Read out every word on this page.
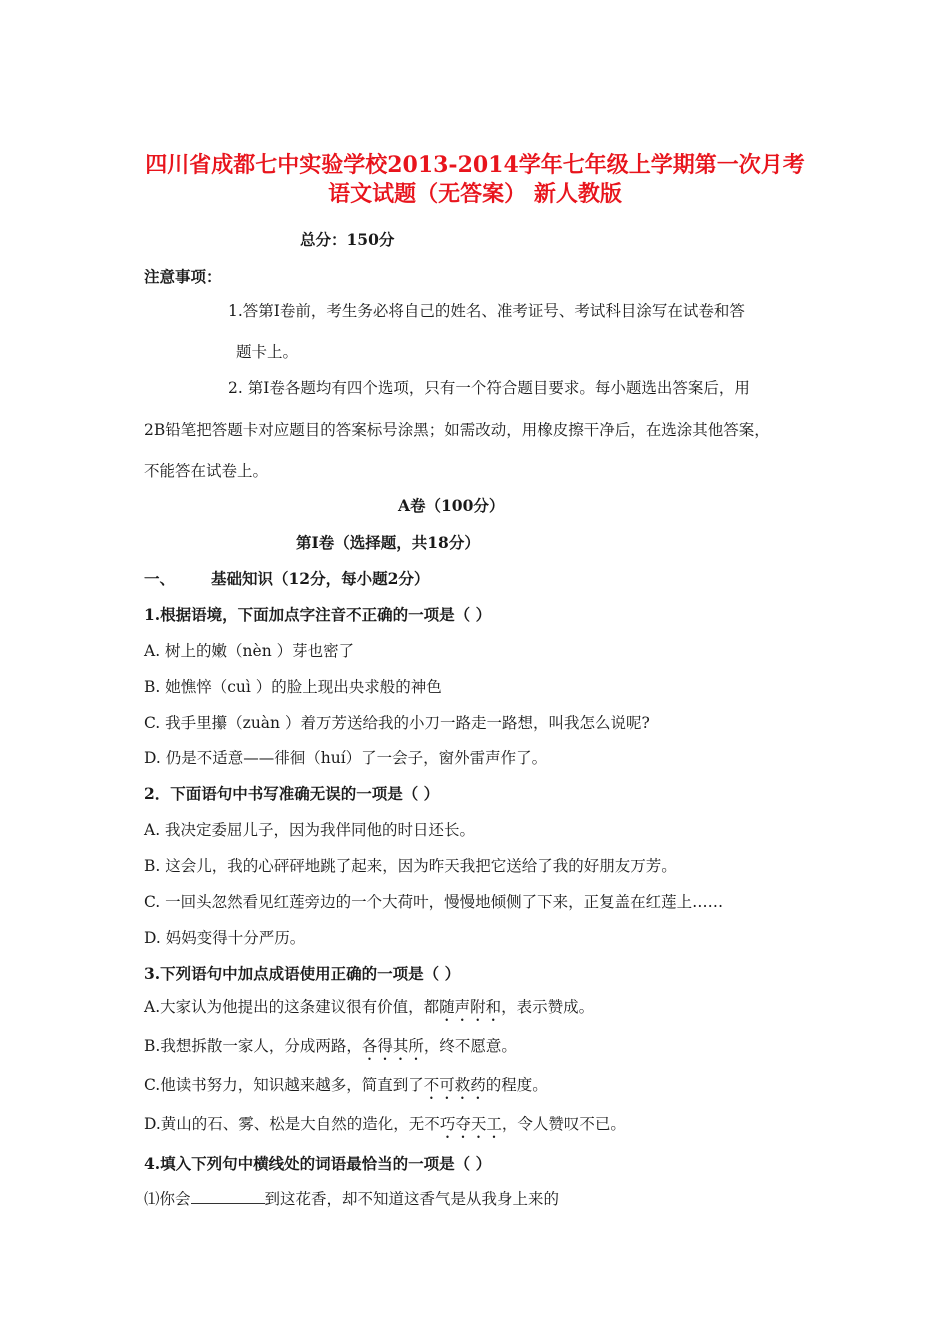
四川省成都七中实验学校2013-2014学年七年级上学期第一次月考
语文试题（无答案） 新人教版
总分：150分
注意事项：
1.答第Ⅰ卷前，考生务必将自己的姓名、准考证号、考试科目涂写在试卷和答
题卡上。
2. 第Ⅰ卷各题均有四个选项，只有一个符合题目要求。每小题选出答案后，用
2B铅笔把答题卡对应题目的答案标号涂黑；如需改动，用橡皮擦干净后，在选涂其他答案，
不能答在试卷上。
A卷（100分）
第Ⅰ卷（选择题，共18分）
一、 基础知识（12分，每小题2分）
1.根据语境，下面加点字注音不正确的一项是（ ）
A. 树上的嫩（nèn ）芽也密了
B. 她憔悴（cuì ）的脸上现出央求般的神色
C. 我手里攥（zuàn ）着万芳送给我的小刀一路走一路想，叫我怎么说呢?
D. 仍是不适意——徘徊（huí）了一会子，窗外雷声作了。
2．下面语句中书写准确无误的一项是（ ）
A. 我决定委屈儿子，因为我伴同他的时日还长。
B. 这会儿，我的心砰砰地跳了起来，因为昨天我把它送给了我的好朋友万芳。
C. 一回头忽然看见红莲旁边的一个大荷叶，慢慢地倾侧了下来，正复盖在红莲上……
D. 妈妈变得十分严历。
3.下列语句中加点成语使用正确的一项是（ ）
A.大家认为他提出的这条建议很有价值，都随声附和，表示赞成。
B.我想拆散一家人，分成两路，各得其所，终不愿意。
C.他读书努力，知识越来越多，简直到了不可救药的程度。
D.黄山的石、雾、松是大自然的造化，无不巧夺天工，令人赞叹不已。
4.填入下列句中横线处的词语最恰当的一项是（ ）
⑴你会	到这花香，却不知道这香气是从我身上来的
